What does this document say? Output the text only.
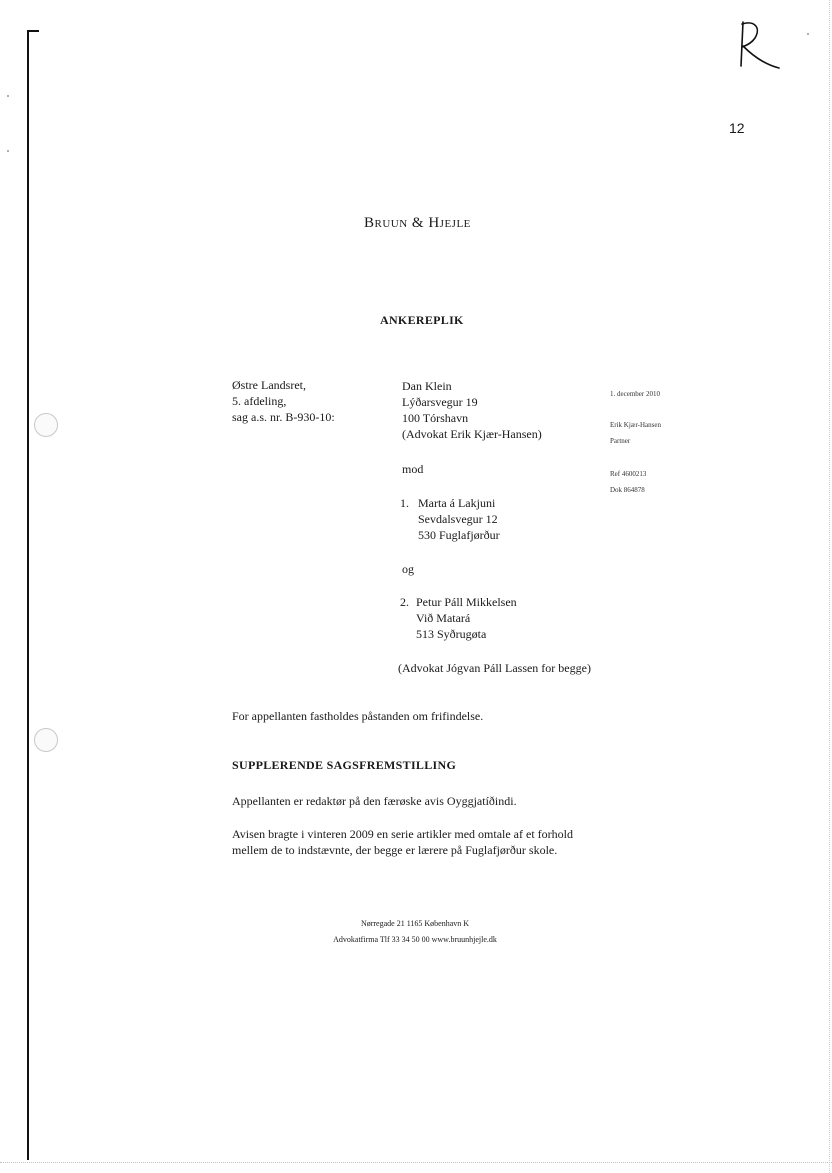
12
Bruun & Hjejle
ANKEREPLIK
Østre Landsret,
5. afdeling,
sag a.s. nr. B-930-10:
Dan Klein
Lýðarsvegur 19
100 Tórshavn
(Advokat Erik Kjær-Hansen)
mod
1. Marta á Lakjuni
Sevdalsvegur 12
530 Fuglafjørður
og
2. Petur Páll Mikkelsen
Við Matará
513 Syðrugøta
(Advokat Jógvan Páll Lassen for begge)
1. december 2010
Erik Kjær-Hansen
Partner
Ref 4600213
Dok 864878
For appellanten fastholdes påstanden om frifindelse.
SUPPLERENDE SAGSFREMSTILLING
Appellanten er redaktør på den færøske avis Oyggjatíðindi.
Avisen bragte i vinteren 2009 en serie artikler med omtale af et forhold
mellem de to indstævnte, der begge er lærere på Fuglafjørður skole.
Nørregade 21 1165 København K
Advokatfirma Tlf 33 34 50 00 www.bruunhjejle.dk
